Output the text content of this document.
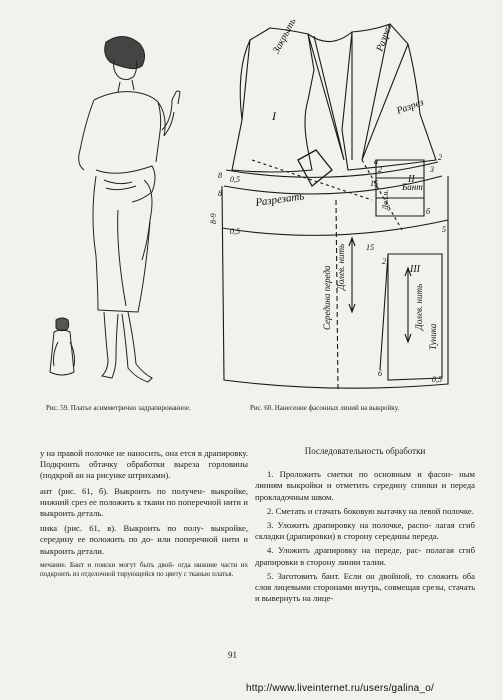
Рис. 59. Платье асимметрично задрапированное.
Закрыть	Разрез
Разрез
Разрезать
Бант
Дол.н.
Долев. нить
Долев. нить
Середина переда
Туника
I
II
III
8
8
0,5
0,5
8-9
15
15
2
2
3
2
0,5
6
5
а
б
Рис. 60. Нанесение фасонных линий на выкройку.

у на правой полочке не наносить, она ется в драпировку. Подкроить обтачку обработки выреза горловины (подкрой ан на рисунке штрихами).

ант (рис. 61, б). Выкроить по получен- выкройке, нижний срез ее положить к ткани по поперечной нити и выкроить деталь.

ника (рис. 61, в). Выкроить по полу- выкройке, середину ее положить по до- или поперечной нити и выкроить детали.

мечание. Бант и пояски могут быть двой- огда нижние части их подкроить из отделочной тирующейся по цвету с тканью платья.

Последовательность обработки

1. Проложить сметки по основным и фасон- ным линиям выкройки и отметить середину спинки и переда прокладочным швом.

2. Сметать и стачать боковую вытачку на левой полочке.

3. Уложить драпировку на полочке, распо- лагая сгиб складки (драпировки) в сторону середины переда.

4. Уложить драпировку на переде, рас- полагая сгиб драпировки в сторону линии талии.

5. Заготовить бант. Если он двойной, то сложить оба слоя лицевыми сторонами внутрь, совмещая срезы, стачать и вывернуть на лице-

91
http://www.liveinternet.ru/users/galina_o/
